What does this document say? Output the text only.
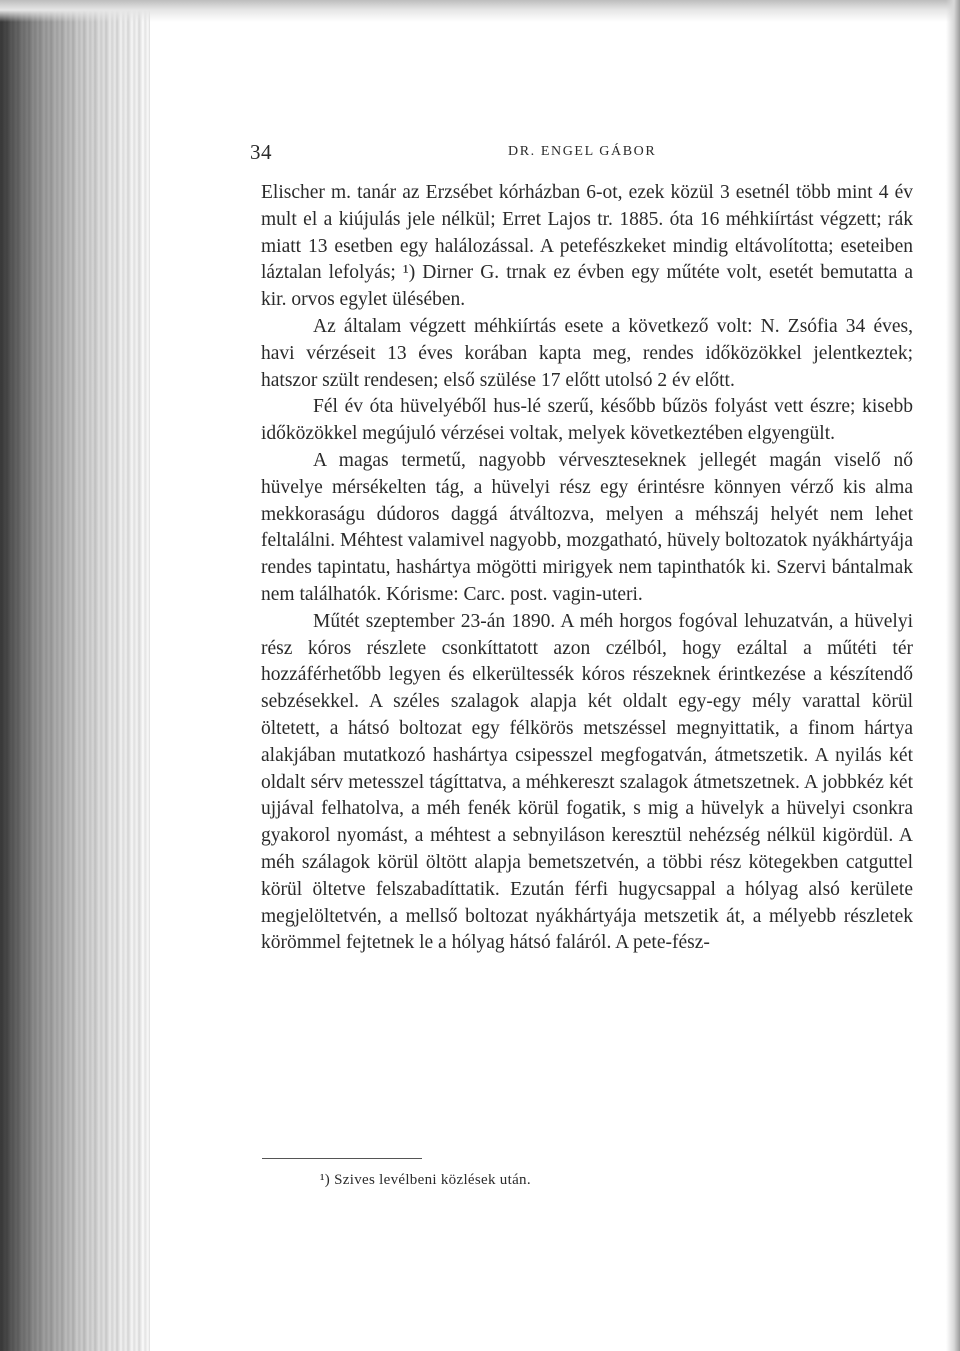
34	DR. ENGEL GÁBOR

Elischer m. tanár az Erzsébet kórházban 6-ot, ezek közül 3 esetnél több mint 4 év mult el a kiújulás jele nélkül; Erret Lajos tr. 1885. óta 16 méhkiírtást végzett; rák miatt 13 esetben egy halálozással. A petefészkeket mindig eltávolította; eseteiben láztalan lefolyás; ¹) Dirner G. trnak ez évben egy műtéte volt, esetét bemutatta a kir. orvos egylet ülésében.

Az általam végzett méhkiírtás esete a következő volt: N. Zsófia 34 éves, havi vérzéseit 13 éves korában kapta meg, rendes időközökkel jelentkeztek; hatszor szült rendesen; első szülése 17 előtt utolsó 2 év előtt.

Fél év óta hüvelyéből hus-lé szerű, később bűzös folyást vett észre; kisebb időközökkel megújuló vérzései voltak, melyek következtében elgyengült.

A magas termetű, nagyobb vérveszteseknek jellegét magán viselő nő hüvelye mérsékelten tág, a hüvelyi rész egy érintésre könnyen vérző kis alma mekkoraságu dúdoros daggá átváltozva, melyen a méhszáj helyét nem lehet feltalálni. Méhtest valamivel nagyobb, mozgatható, hüvely boltozatok nyákhártyája rendes tapintatu, hashártya mögötti mirigyek nem tapinthatók ki. Szervi bántalmak nem találhatók. Kórisme: Carc. post. vagin-uteri.

Műtét szeptember 23-án 1890. A méh horgos fogóval lehuzatván, a hüvelyi rész kóros részlete csonkíttatott azon czélból, hogy ezáltal a műtéti tér hozzáférhetőbb legyen és elkerültessék kóros részeknek érintkezése a készítendő sebzésekkel. A széles szalagok alapja két oldalt egy-egy mély varattal körül öltetett, a hátsó boltozat egy félkörös metszéssel megnyittatik, a finom hártya alakjában mutatkozó hashártya csipesszel megfogatván, átmetszetik. A nyilás két oldalt sérv metesszel tágíttatva, a méhkereszt szalagok átmetszetnek. A jobbkéz két ujjával felhatolva, a méh fenék körül fogatik, s mig a hüvelyk a hüvelyi csonkra gyakorol nyomást, a méhtest a sebnyiláson keresztül nehézség nélkül kigördül. A méh szálagok körül öltött alapja bemetszetvén, a többi rész kötegekben catguttel körül öltetve felszabadíttatik. Ezután férfi hugycsappal a hólyag alsó kerülete megjelöltetvén, a mellső boltozat nyákhártyája metszetik át, a mélyebb részletek körömmel fejtetnek le a hólyag hátsó faláról. A pete-fész-

¹) Szives levélbeni közlések után.
